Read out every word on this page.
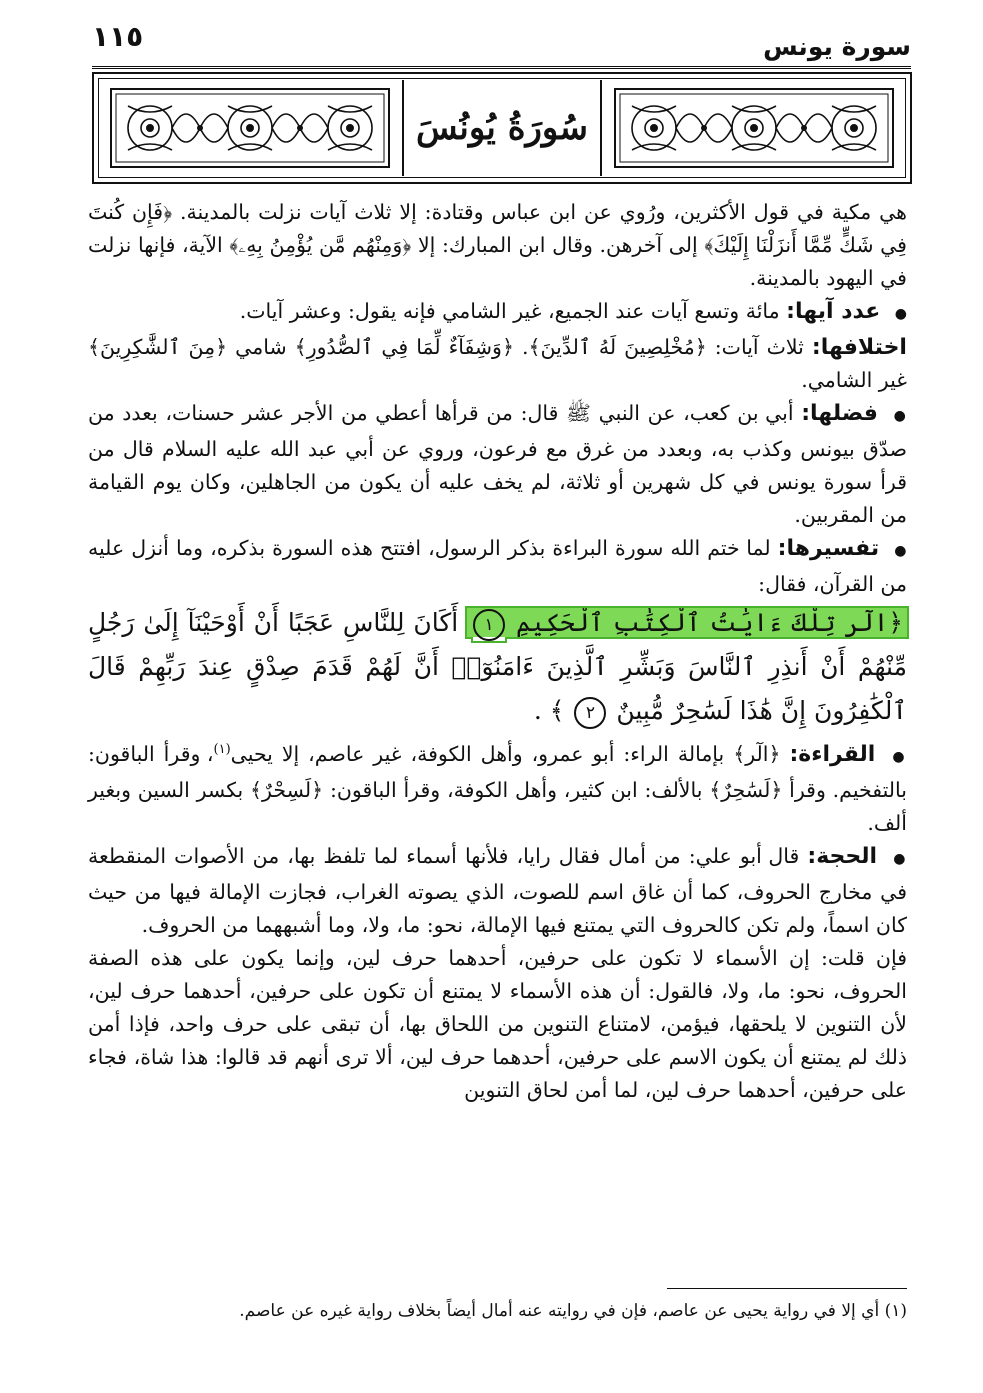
سورة يونس
١١٥
سُورَةُ يُونُسَ

هي مكية في قول الأكثرين، ورُوي عن ابن عباس وقتادة: إلا ثلاث آيات نزلت بالمدينة. ﴿فَإِن كُنتَ فِي شَكٍّ مِّمَّا أَنزَلْنَا إِلَيْكَ﴾ إلى آخرهن. وقال ابن المبارك: إلا ﴿وَمِنْهُم مَّن يُؤْمِنُ بِهِۦ﴾ الآية، فإنها نزلت في اليهود بالمدينة.

● عدد آيها: مائة وتسع آيات عند الجميع، غير الشامي فإنه يقول: وعشر آيات.

اختلافها: ثلاث آيات: ﴿مُخْلِصِينَ لَهُ ٱلدِّينَ﴾. ﴿وَشِفَآءٌ لِّمَا فِي ٱلصُّدُورِ﴾ شامي ﴿مِنَ ٱلشَّٰكِرِينَ﴾ غير الشامي.

● فضلها: أبي بن كعب، عن النبي ﷺ قال: من قرأها أعطي من الأجر عشر حسنات، بعدد من صدّق بيونس وكذب به، وبعدد من غرق مع فرعون، وروي عن أبي عبد الله عليه السلام قال من قرأ سورة يونس في كل شهرين أو ثلاثة، لم يخف عليه أن يكون من الجاهلين، وكان يوم القيامة من المقربين.

● تفسيرها: لما ختم الله سورة البراءة بذكر الرسول، افتتح هذه السورة بذكره، وما أنزل عليه من القرآن، فقال:

﴿الٓر تِلْكَ ءَايَٰتُ ٱلْكِتَٰبِ ٱلْحَكِيمِ ١ أَكَانَ لِلنَّاسِ عَجَبًا أَنْ أَوْحَيْنَآ إِلَىٰ رَجُلٍ مِّنْهُمْ أَنْ أَنذِرِ ٱلنَّاسَ وَبَشِّرِ ٱلَّذِينَ ءَامَنُوٓا۟ أَنَّ لَهُمْ قَدَمَ صِدْقٍ عِندَ رَبِّهِمْ قَالَ ٱلْكَٰفِرُونَ إِنَّ هَٰذَا لَسَٰحِرٌ مُّبِينٌ ٢ ﴾ .

● القراءة: ﴿الٓر﴾ بإمالة الراء: أبو عمرو، وأهل الكوفة، غير عاصم، إلا يحيى$^{(١)}$، وقرأ الباقون: بالتفخيم. وقرأ ﴿لَسَٰحِرٌ﴾ بالألف: ابن كثير، وأهل الكوفة، وقرأ الباقون: ﴿لَسِحْرٌ﴾ بكسر السين وبغير ألف.

● الحجة: قال أبو علي: من أمال فقال رايا، فلأنها أسماء لما تلفظ بها، من الأصوات المنقطعة في مخارج الحروف، كما أن غاق اسم للصوت، الذي يصوته الغراب، فجازت الإمالة فيها من حيث كان اسماً، ولم تكن كالحروف التي يمتنع فيها الإمالة، نحو: ما، ولا، وما أشبههما من الحروف.

فإن قلت: إن الأسماء لا تكون على حرفين، أحدهما حرف لين، وإنما يكون على هذه الصفة الحروف، نحو: ما، ولا، فالقول: أن هذه الأسماء لا يمتنع أن تكون على حرفين، أحدهما حرف لين، لأن التنوين لا يلحقها، فيؤمن، لامتناع التنوين من اللحاق بها، أن تبقى على حرف واحد، فإذا أمن ذلك لم يمتنع أن يكون الاسم على حرفين، أحدهما حرف لين، ألا ترى أنهم قد قالوا: هذا شاة، فجاء على حرفين، أحدهما حرف لين، لما أمن لحاق التنوين

(١) أي إلا في رواية يحيى عن عاصم، فإن في روايته عنه أمال أيضاً بخلاف رواية غيره عن عاصم.
